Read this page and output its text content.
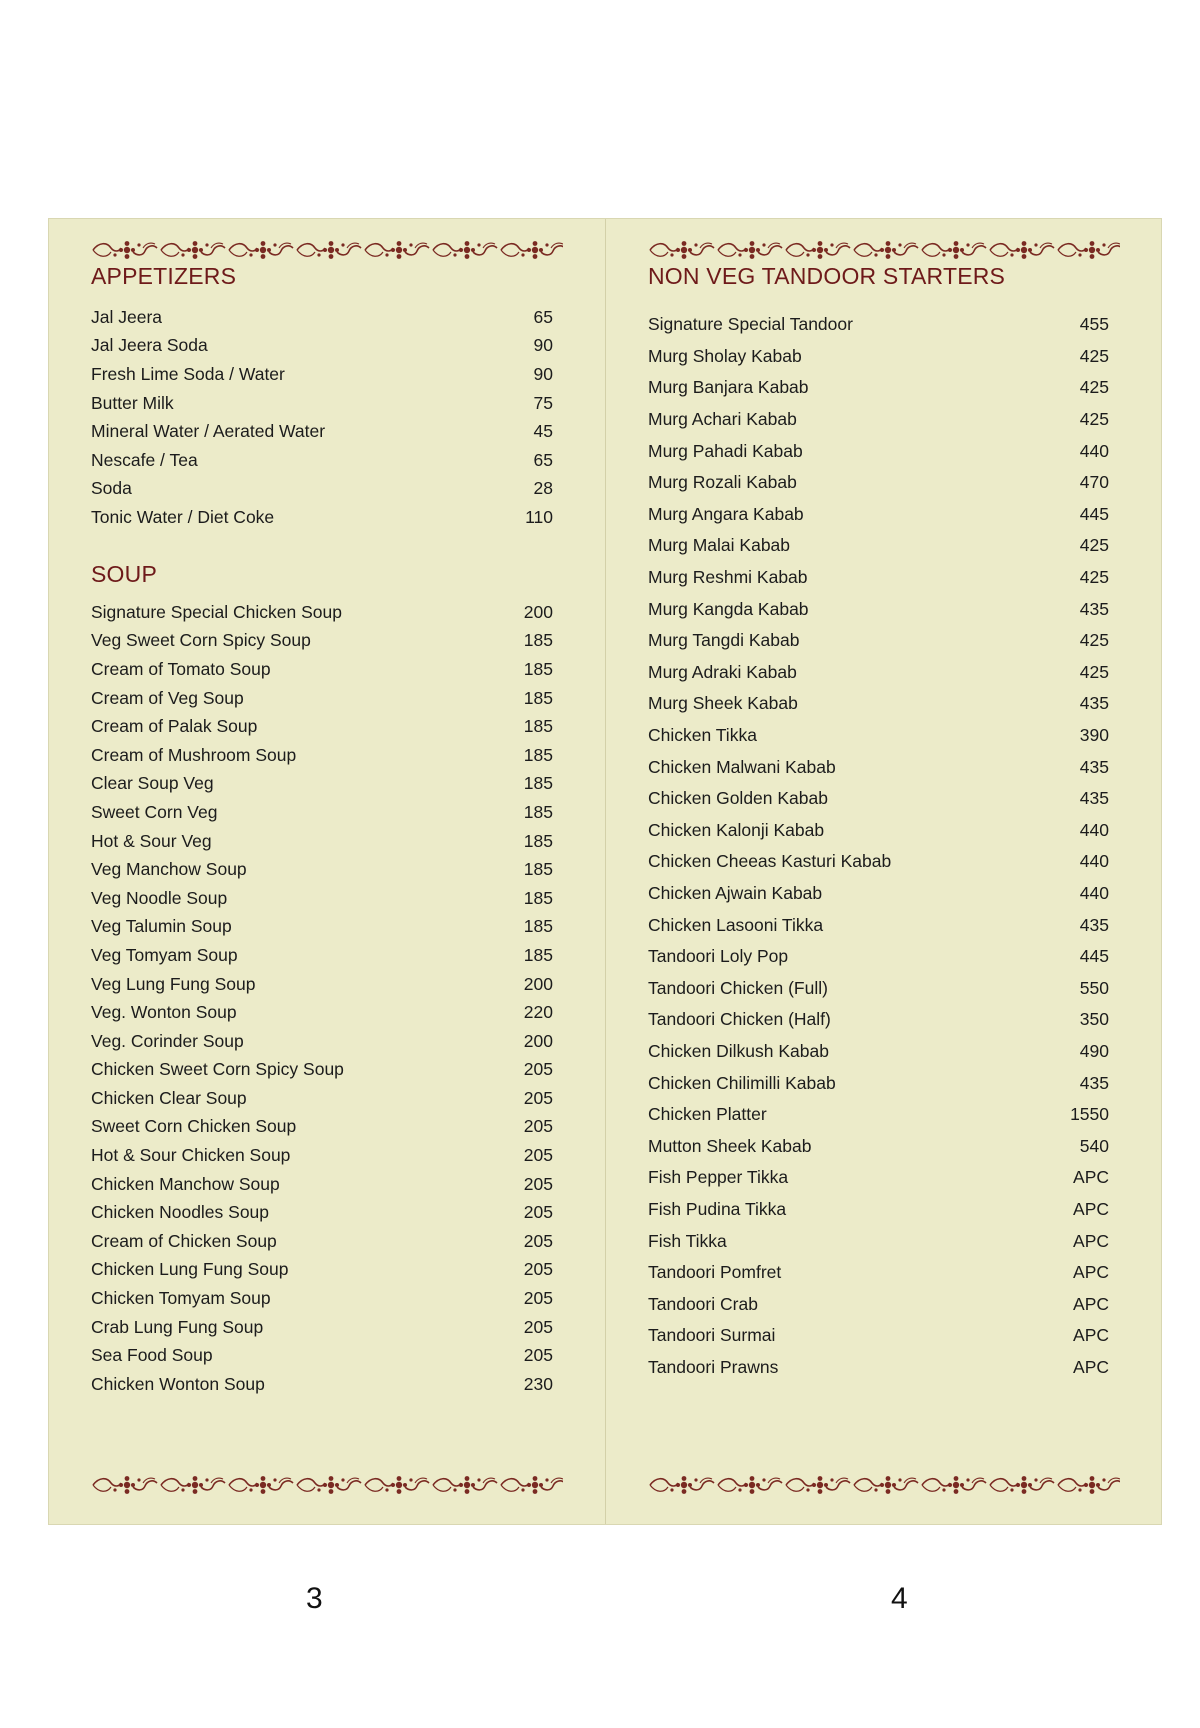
APPETIZERS
Jal Jeera	65
Jal Jeera Soda	90
Fresh Lime Soda / Water	90
Butter Milk	75
Mineral Water / Aerated Water	45
Nescafe / Tea	65
Soda	28
Tonic Water / Diet Coke	110
SOUP
Signature Special Chicken Soup	200
Veg Sweet Corn Spicy Soup	185
Cream of Tomato Soup	185
Cream of Veg Soup	185
Cream of Palak Soup	185
Cream of Mushroom Soup	185
Clear Soup Veg	185
Sweet Corn Veg	185
Hot & Sour Veg	185
Veg Manchow Soup	185
Veg Noodle Soup	185
Veg Talumin Soup	185
Veg Tomyam Soup	185
Veg Lung Fung Soup	200
Veg. Wonton Soup	220
Veg. Corinder Soup	200
Chicken Sweet Corn Spicy Soup	205
Chicken Clear Soup	205
Sweet Corn Chicken Soup	205
Hot & Sour Chicken Soup	205
Chicken Manchow Soup	205
Chicken Noodles Soup	205
Cream of Chicken Soup	205
Chicken Lung Fung Soup	205
Chicken Tomyam Soup	205
Crab Lung Fung Soup	205
Sea Food Soup	205
Chicken Wonton Soup	230
NON VEG TANDOOR STARTERS
Signature Special Tandoor	455
Murg Sholay Kabab	425
Murg Banjara Kabab	425
Murg Achari Kabab	425
Murg Pahadi Kabab	440
Murg Rozali Kabab	470
Murg Angara Kabab	445
Murg Malai Kabab	425
Murg Reshmi Kabab	425
Murg Kangda Kabab	435
Murg Tangdi Kabab	425
Murg Adraki Kabab	425
Murg Sheek Kabab	435
Chicken Tikka	390
Chicken Malwani Kabab	435
Chicken Golden Kabab	435
Chicken Kalonji Kabab	440
Chicken Cheeas Kasturi Kabab	440
Chicken Ajwain Kabab	440
Chicken Lasooni Tikka	435
Tandoori Loly Pop	445
Tandoori Chicken (Full)	550
Tandoori Chicken (Half)	350
Chicken Dilkush Kabab	490
Chicken Chilimilli Kabab	435
Chicken Platter	1550
Mutton Sheek Kabab	540
Fish Pepper Tikka	APC
Fish Pudina Tikka	APC
Fish Tikka	APC
Tandoori Pomfret	APC
Tandoori Crab	APC
Tandoori Surmai	APC
Tandoori Prawns	APC
3	4
